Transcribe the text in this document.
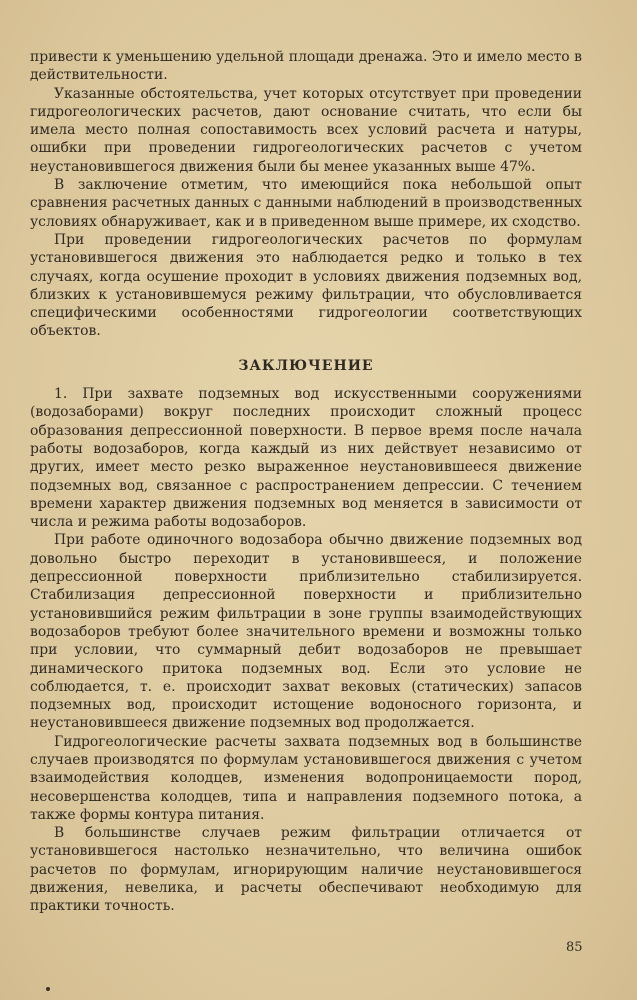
привести к уменьшению удельной площади дренажа. Это и имело место в действительности.

Указанные обстоятельства, учет которых отсутствует при проведении гидрогеологических расчетов, дают основание считать, что если бы имела место полная сопоставимость всех условий расчета и натуры, ошибки при проведении гидрогеологических расчетов с учетом неустановившегося движения были бы менее указанных выше 47%.

В заключение отметим, что имеющийся пока небольшой опыт сравнения расчетных данных с данными наблюдений в производственных условиях обнаруживает, как и в приведенном выше примере, их сходство.

При проведении гидрогеологических расчетов по формулам установившегося движения это наблюдается редко и только в тех случаях, когда осушение проходит в условиях движения подземных вод, близких к установившемуся режиму фильтрации, что обусловливается специфическими особенностями гидрогеологии соответствующих объектов.

ЗАКЛЮЧЕНИЕ

1. При захвате подземных вод искусственными сооружениями (водозаборами) вокруг последних происходит сложный процесс образования депрессионной поверхности. В первое время после начала работы водозаборов, когда каждый из них действует независимо от других, имеет место резко выраженное неустановившееся движение подземных вод, связанное с распространением депрессии. С течением времени характер движения подземных вод меняется в зависимости от числа и режима работы водозаборов.

При работе одиночного водозабора обычно движение подземных вод довольно быстро переходит в установившееся, и положение депрессионной поверхности приблизительно стабилизируется. Стабилизация депрессионной поверхности и приблизительно установившийся режим фильтрации в зоне группы взаимодействующих водозаборов требуют более значительного времени и возможны только при условии, что суммарный дебит водозаборов не превышает динамического притока подземных вод. Если это условие не соблюдается, т. е. происходит захват вековых (статических) запасов подземных вод, происходит истощение водоносного горизонта, и неустановившееся движение подземных вод продолжается.

Гидрогеологические расчеты захвата подземных вод в большинстве случаев производятся по формулам установившегося движения с учетом взаимодействия колодцев, изменения водопроницаемости пород, несовершенства колодцев, типа и направления подземного потока, а также формы контура питания.

В большинстве случаев режим фильтрации отличается от установившегося настолько незначительно, что величина ошибок расчетов по формулам, игнорирующим наличие неустановившегося движения, невелика, и расчеты обеспечивают необходимую для практики точность.

85
